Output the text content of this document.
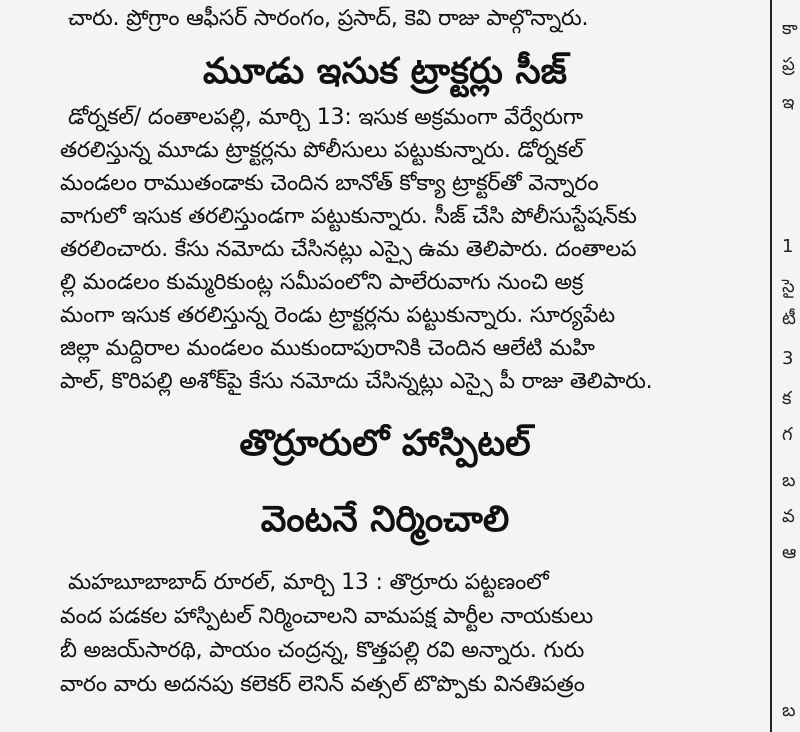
చారు. ప్రోగ్రాం ఆఫీసర్ సారంగం, ప్రసాద్, కెవి రాజు పాల్గొన్నారు.
మూడు ఇసుక ట్రాక్టర్లు సీజ్
డోర్నకల్/ దంతాలపల్లి, మార్చి 13: ఇసుక అక్రమంగా వేర్వేరుగా
తరలిస్తున్న మూడు ట్రాక్టర్లను పోలీసులు పట్టుకున్నారు. డోర్నకల్
మండలం రాముతండాకు చెందిన బానోత్ కోక్యా ట్రాక్టర్‌తో వెన్నారం
వాగులో ఇసుక తరలిస్తుండగా పట్టుకున్నారు. సీజ్ చేసి పోలీసుస్టేషన్‌కు
తరలించారు. కేసు నమోదు చేసినట్లు ఎస్సై ఉమ తెలిపారు. దంతాలప
ల్లి మండలం కుమ్మరికుంట్ల సమీపంలోని పాలేరువాగు నుంచి అక్ర
మంగా ఇసుక తరలిస్తున్న రెండు ట్రాక్టర్లను పట్టుకున్నారు. సూర్యపేట
జిల్లా మద్దిరాల మండలం ముకుందాపురానికి చెందిన ఆలేటి మహి
పాల్, కొరిపల్లి అశోక్‌పై కేసు నమోదు చేసిన్నట్లు ఎస్సై పీ రాజు తెలిపారు.
తొర్రూరులో హాస్పిటల్
వెంటనే నిర్మించాలి
మహబూబాబాద్ రూరల్, మార్చి 13 : తొర్రూరు పట్టణంలో
వంద పడకల హాస్పిటల్ నిర్మించాలని వామపక్ష పార్టీల నాయకులు
బీ అజయ్‌సారథి, పాయం చంద్రన్న, కొత్తపల్లి రవి అన్నారు. గురు
వారం వారు అదనపు కలెకర్ లెనిన్ వత్సల్ టొప్పొకు వినతిపత్రం
కా
ప్ర
ఇ
1
సై
టీ
3
క
గ
బ
వ
ఆ
బ
